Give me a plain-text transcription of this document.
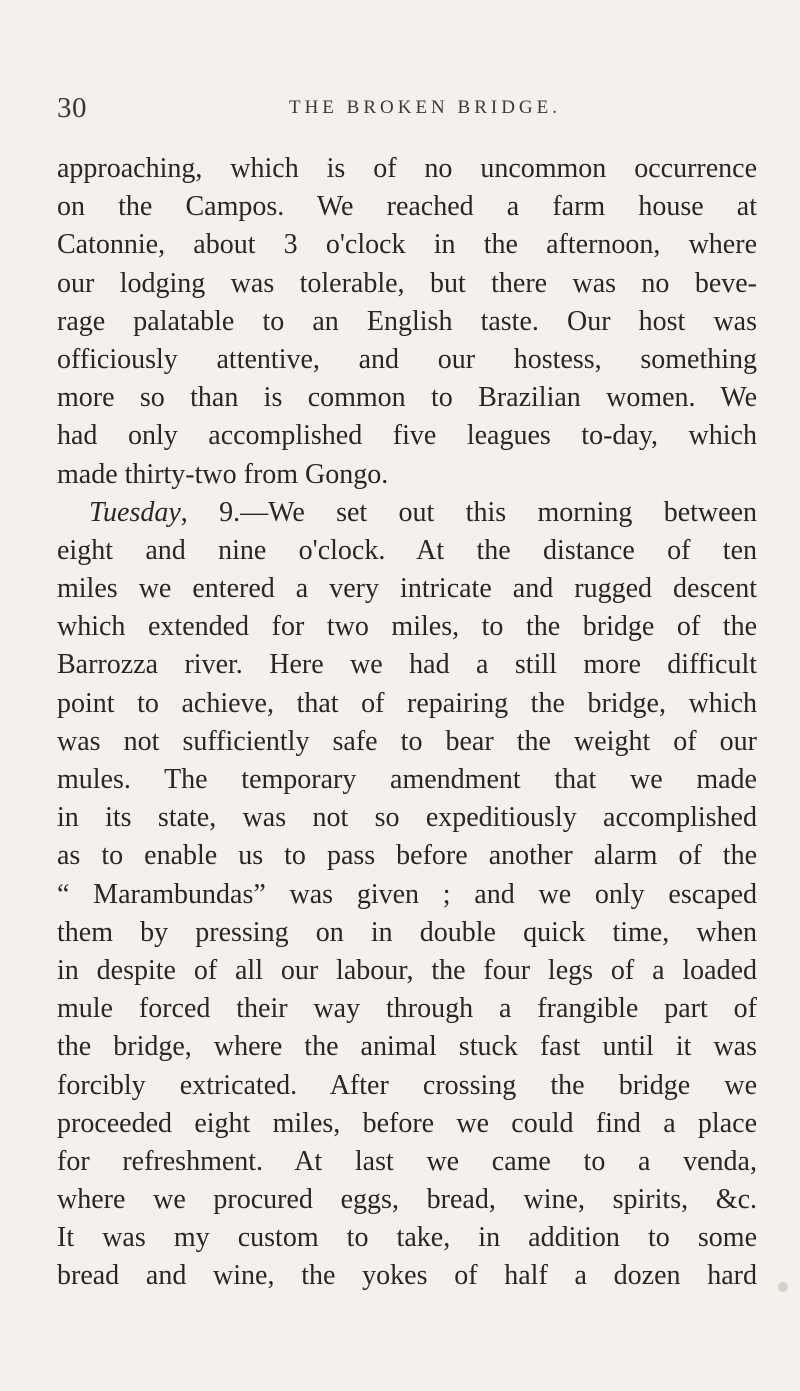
30	THE BROKEN BRIDGE.
approaching, which is of no uncommon occurrence
on the Campos. We reached a farm house at
Catonnie, about 3 o'clock in the afternoon, where
our lodging was tolerable, but there was no beve-
rage palatable to an English taste. Our host was
officiously attentive, and our hostess, something
more so than is common to Brazilian women. We
had only accomplished five leagues to-day, which
made thirty-two from Gongo.
Tuesday, 9.—We set out this morning between
eight and nine o'clock. At the distance of ten
miles we entered a very intricate and rugged descent
which extended for two miles, to the bridge of the
Barrozza river. Here we had a still more difficult
point to achieve, that of repairing the bridge, which
was not sufficiently safe to bear the weight of our
mules. The temporary amendment that we made
in its state, was not so expeditiously accomplished
as to enable us to pass before another alarm of the
“ Marambundas” was given ; and we only escaped
them by pressing on in double quick time, when
in despite of all our labour, the four legs of a loaded
mule forced their way through a frangible part of
the bridge, where the animal stuck fast until it was
forcibly extricated. After crossing the bridge we
proceeded eight miles, before we could find a place
for refreshment. At last we came to a venda,
where we procured eggs, bread, wine, spirits, &c.
It was my custom to take, in addition to some
bread and wine, the yokes of half a dozen hard
